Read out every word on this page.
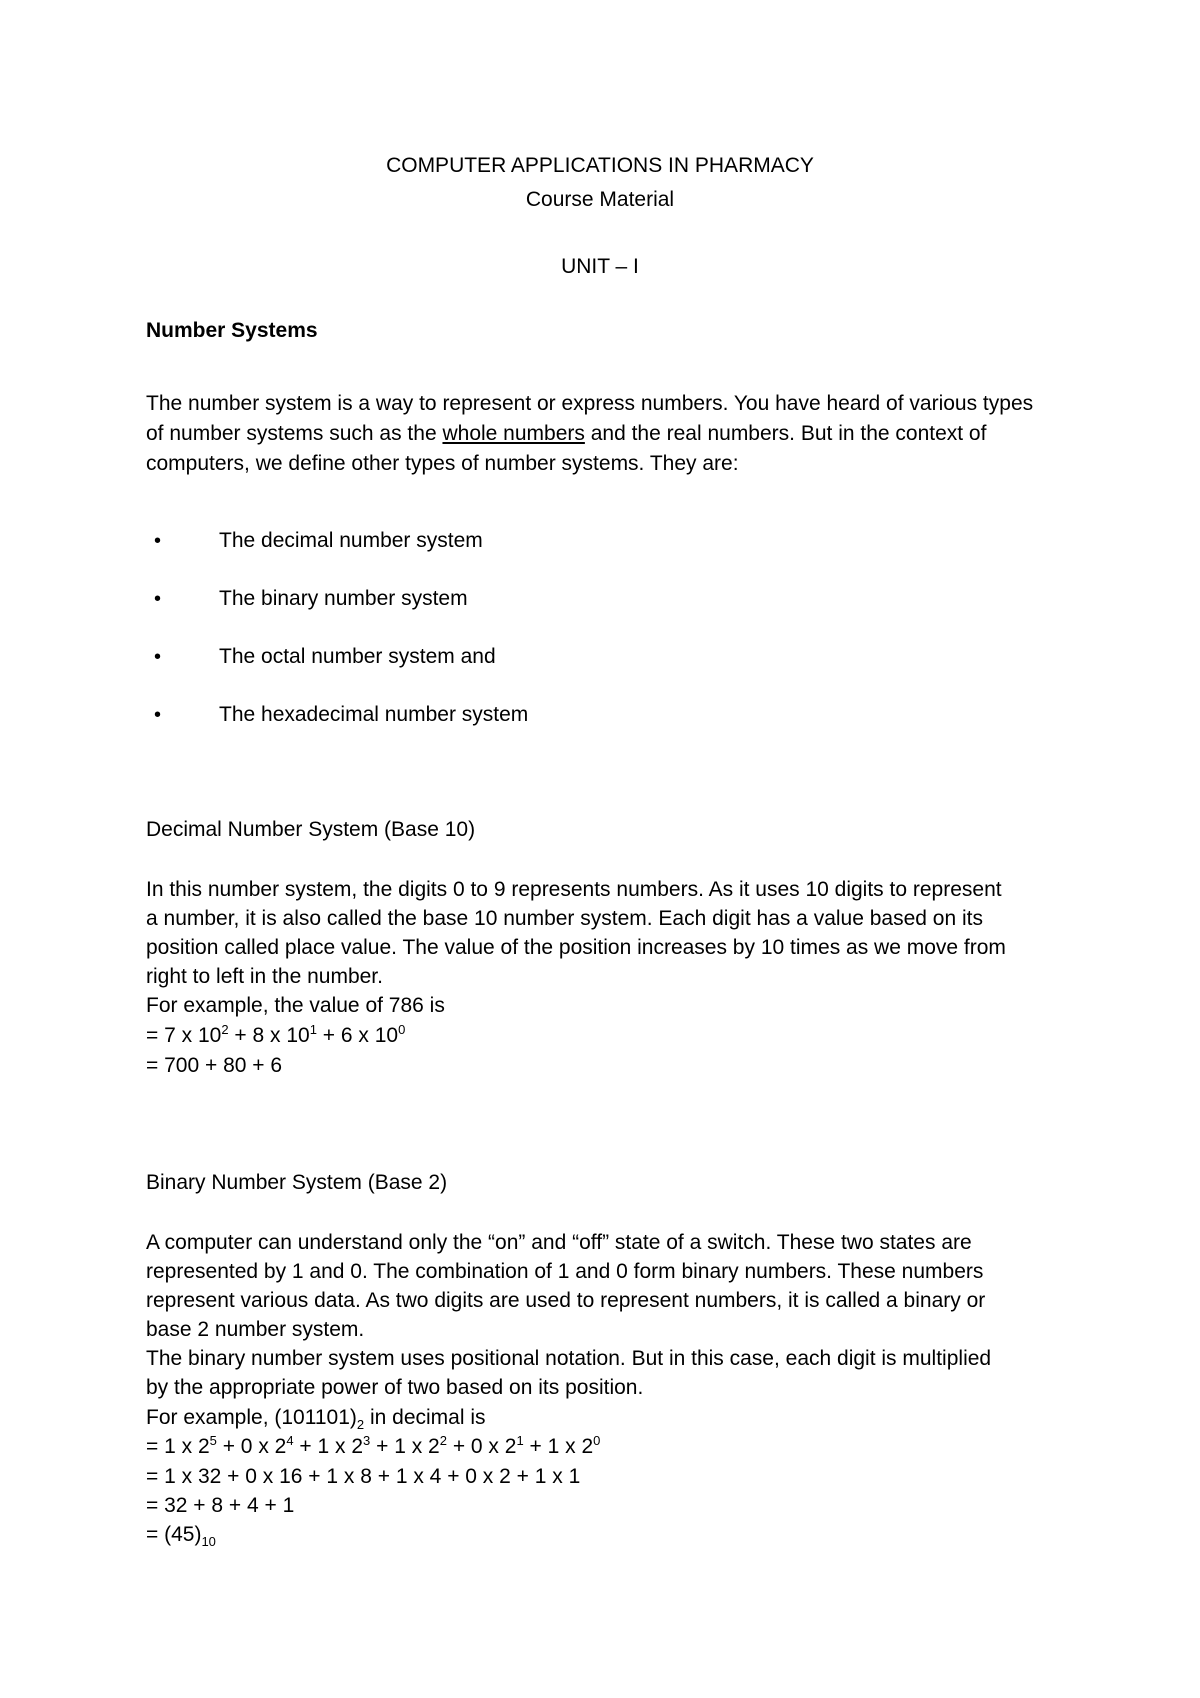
COMPUTER APPLICATIONS IN PHARMACY
Course Material
UNIT – I
Number Systems
The number system is a way to represent or express numbers. You have heard of various types
of number systems such as the whole numbers and the real numbers. But in the context of
computers, we define other types of number systems. They are:
•	The decimal number system
•	The binary number system
•	The octal number system and
•	The hexadecimal number system
Decimal Number System (Base 10)
In this number system, the digits 0 to 9 represents numbers. As it uses 10 digits to represent
a number, it is also called the base 10 number system. Each digit has a value based on its
position called place value. The value of the position increases by 10 times as we move from
right to left in the number.
For example, the value of 786 is
= 7 x $10^2 + 8$ x $10^1 + 6$ x $10^0$
= 700 + 80 + 6
Binary Number System (Base 2)
A computer can understand only the “on” and “off” state of a switch. These two states are
represented by 1 and 0. The combination of 1 and 0 form binary numbers. These numbers
represent various data. As two digits are used to represent numbers, it is called a binary or
base 2 number system.
The binary number system uses positional notation. But in this case, each digit is multiplied
by the appropriate power of two based on its position.
For example, $(101101)_2$ in decimal is
= 1 x $2^5 + 0$ x $2^4 + 1$ x $2^3 + 1$ x $2^2 + 0$ x $2^1 + 1$ x $2^0$
= 1 x 32 + 0 x 16 + 1 x 8 + 1 x 4 + 0 x 2 + 1 x 1
= 32 + 8 + 4 + 1
= $(45)_{10}$
